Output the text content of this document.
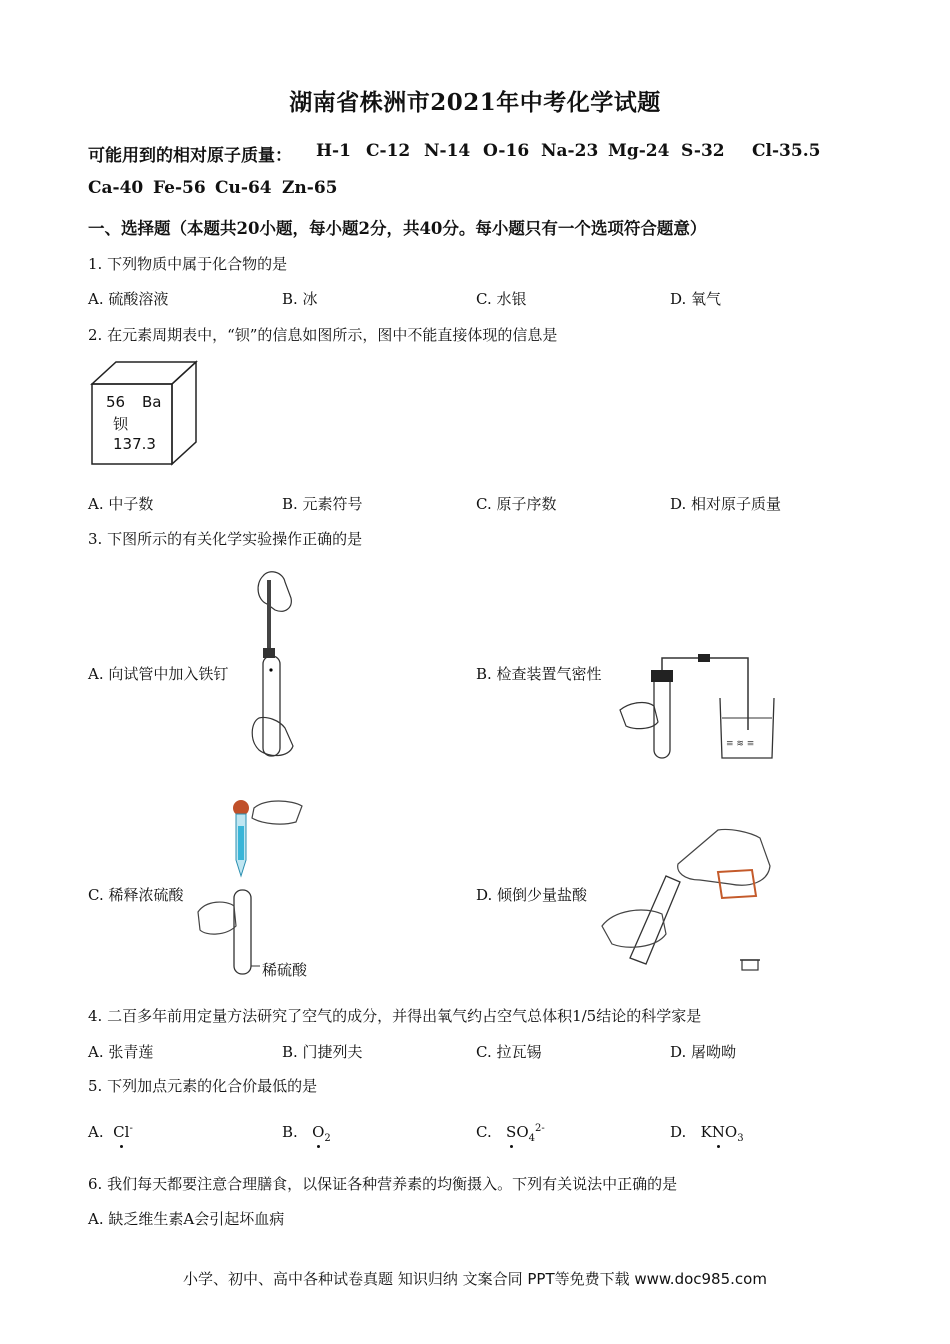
湖南省株洲市2021年中考化学试题
可能用到的相对原子质量： H-1 C-12 N-14 O-16 Na-23 Mg-24 S-32 Cl-35.5
Ca-40 Fe-56 Cu-64 Zn-65
一、选择题（本题共20小题，每小题2分，共40分。每小题只有一个选项符合题意）
1. 下列物质中属于化合物的是
A. 硫酸溶液	B. 冰	C. 水银	D. 氧气
2. 在元素周期表中，“钡”的信息如图所示，图中不能直接体现的信息是
56 Ba
钡
137.3
A. 中子数	B. 元素符号	C. 原子序数	D. 相对原子质量
3. 下图所示的有关化学实验操作正确的是
A. 向试管中加入铁钉	B. 检查装置气密性
≡ ≋ ≡
C. 稀释浓硫酸
稀硫酸
D. 倾倒少量盐酸
4. 二百多年前用定量方法研究了空气的成分，并得出氧气约占空气总体积1/5结论的科学家是
A. 张青莲	B. 门捷列夫	C. 拉瓦锡	D. 屠呦呦
5. 下列加点元素的化合价最低的是
A. Cl-	B. $O_2$	C. $SO_4^{2-}$	D. $KNO_3$
6. 我们每天都要注意合理膳食，以保证各种营养素的均衡摄入。下列有关说法中正确的是
A. 缺乏维生素A会引起坏血病
小学、初中、高中各种试卷真题 知识归纳 文案合同 PPT等免费下载 www.doc985.com
